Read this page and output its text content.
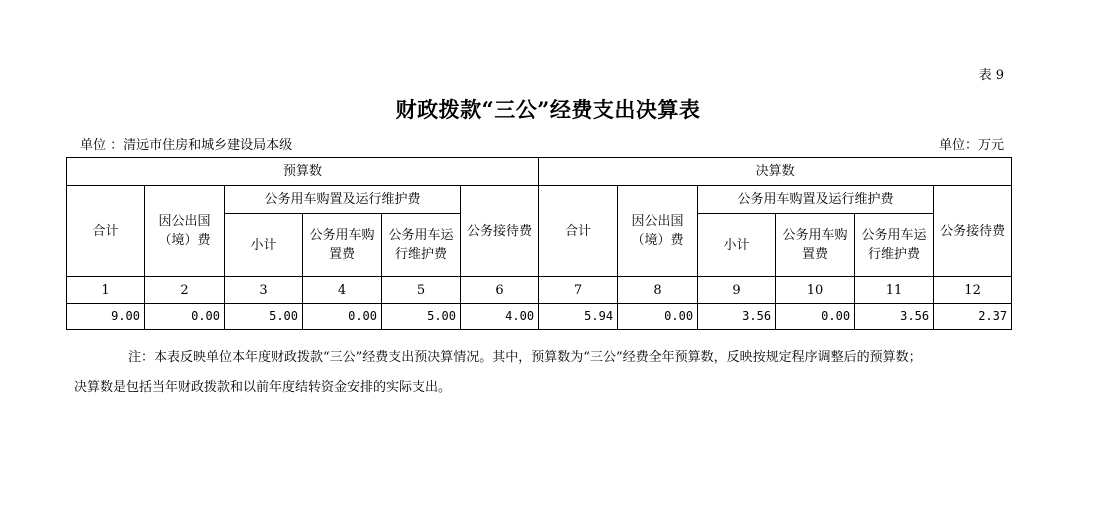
表 9
财政拨款“三公”经费支出决算表
单位 ：清远市住房和城乡建设局本级	单位：万元
预算数						决算数					
合计	因公出国（境）费	公务用车购置及运行维护费			公务接待费	合计	因公出国（境）费	公务用车购置及运行维护费			公务接待费
		小计	公务用车购置费	公务用车运行维护费				小计	公务用车购置费	公务用车运行维护费	
1	2	3	4	5	6	7	8	9	10	11	12
9.00	0.00	5.00	0.00	5.00	4.00	5.94	0.00	3.56	0.00	3.56	2.37

注：本表反映单位本年度财政拨款“三公”经费支出预决算情况。其中，预算数为“三公”经费全年预算数，反映按规定程序调整后的预算数；

决算数是包括当年财政拨款和以前年度结转资金安排的实际支出。
